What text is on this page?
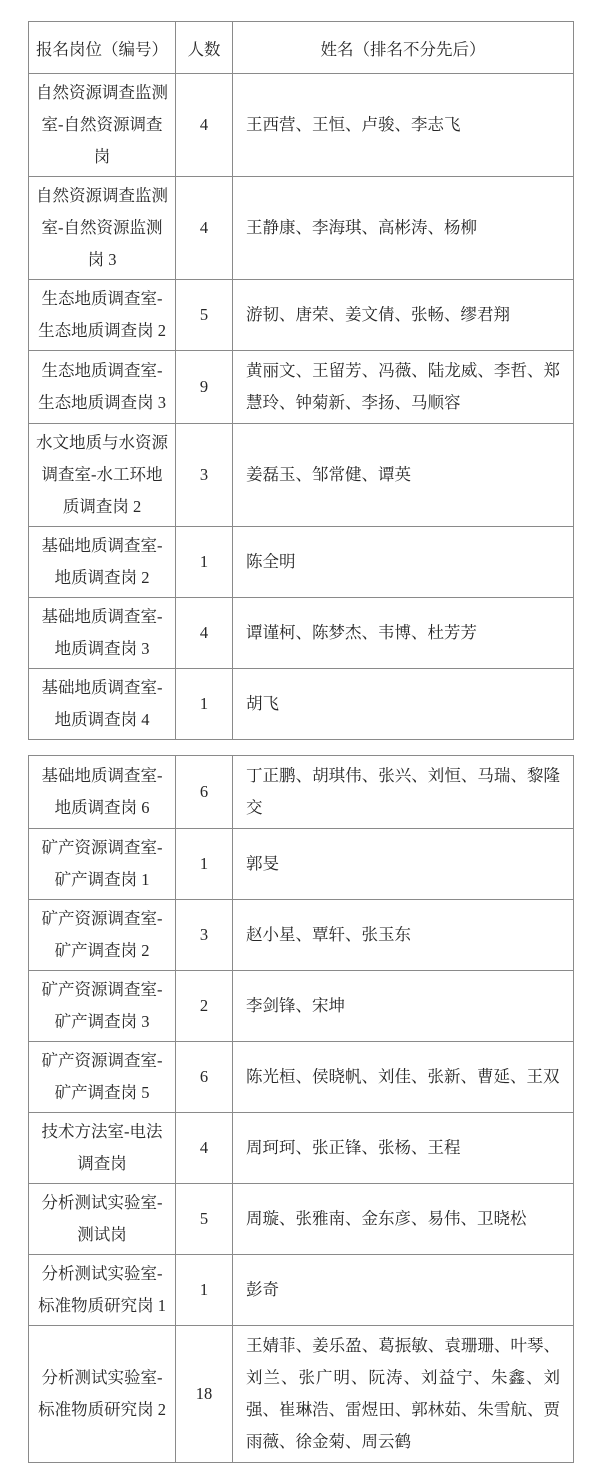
报名岗位（编号）	人数	姓名（排名不分先后）
自然资源调查监测室-自然资源调查岗	4	王西营、王恒、卢骏、李志飞
自然资源调查监测室-自然资源监测岗 3	4	王静康、李海琪、高彬涛、杨柳
生态地质调查室-生态地质调查岗 2	5	游韧、唐荣、姜文倩、张畅、缪君翔
生态地质调查室-生态地质调查岗 3	9	黄丽文、王留芳、冯薇、陆龙威、李哲、郑慧玲、钟菊新、李扬、马顺容
水文地质与水资源调查室-水工环地质调查岗 2	3	姜磊玉、邹常健、谭英
基础地质调查室-地质调查岗 2	1	陈全明
基础地质调查室-地质调查岗 3	4	谭谨柯、陈梦杰、韦博、杜芳芳
基础地质调查室-地质调查岗 4	1	胡飞
基础地质调查室-地质调查岗 6	6	丁正鹏、胡琪伟、张兴、刘恒、马瑞、黎隆交
矿产资源调查室-矿产调查岗 1	1	郭旻
矿产资源调查室-矿产调查岗 2	3	赵小星、覃轩、张玉东
矿产资源调查室-矿产调查岗 3	2	李剑锋、宋坤
矿产资源调查室-矿产调查岗 5	6	陈光桓、侯晓帆、刘佳、张新、曹延、王双
技术方法室-电法调查岗	4	周珂珂、张正锋、张杨、王程
分析测试实验室-测试岗	5	周璇、张雅南、金东彦、易伟、卫晓松
分析测试实验室-标准物质研究岗 1	1	彭奇
分析测试实验室-标准物质研究岗 2	18	王婧菲、姜乐盈、葛振敏、袁珊珊、叶琴、刘兰、张广明、阮涛、刘益宁、朱鑫、刘强、崔琳浩、雷煜田、郭林茹、朱雪航、贾雨薇、徐金菊、周云鹤
